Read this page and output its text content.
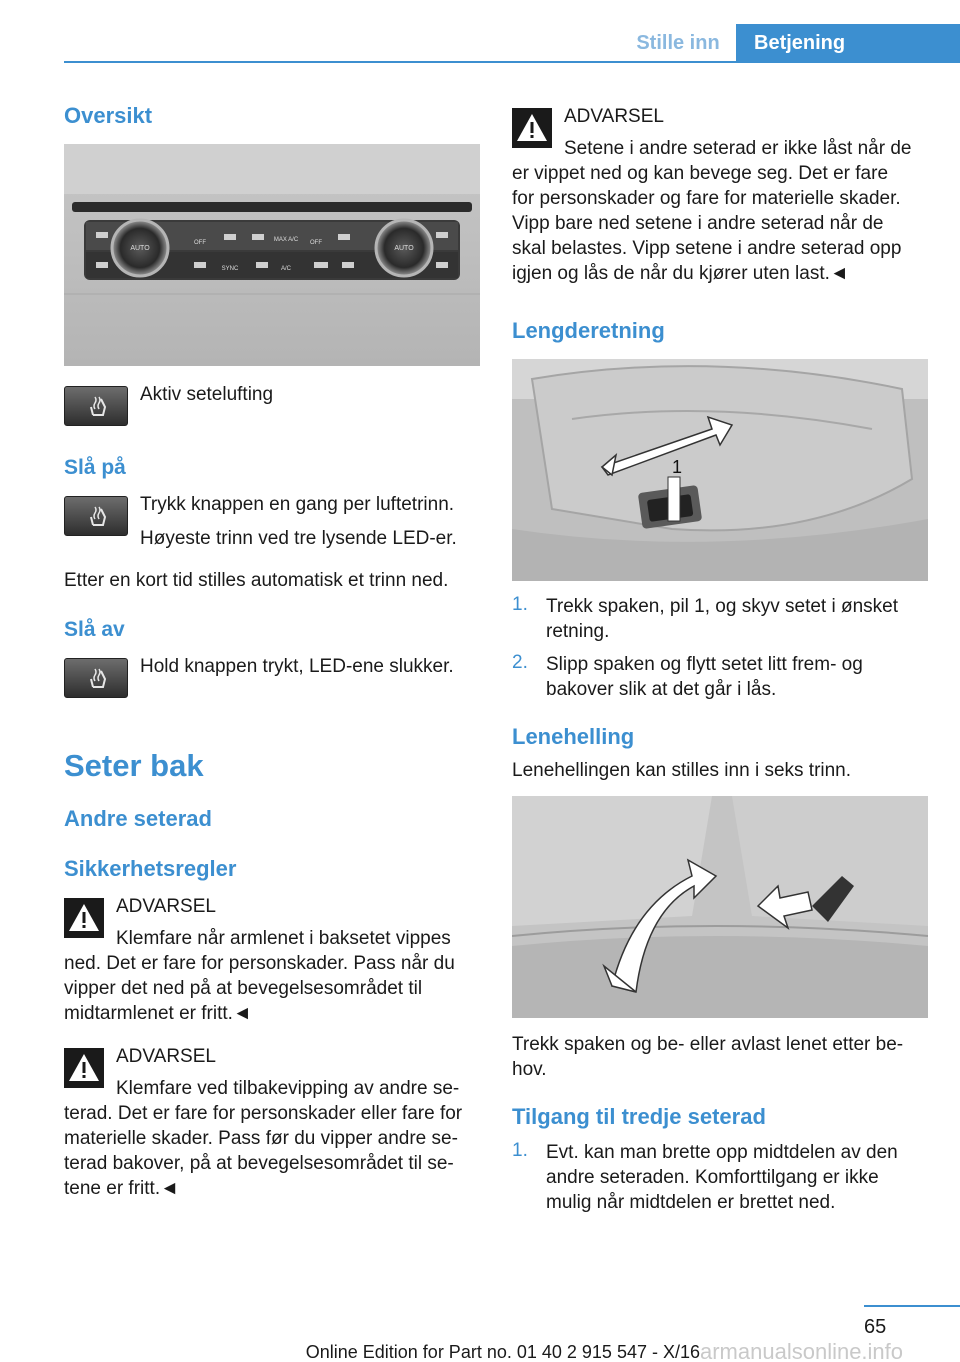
Stille inn	Betjening
Oversikt
AUTO	AUTO
OFF	MAX A/C OFF
SYNC	A/C
Aktiv setelufting
Slå på
Trykk knappen en gang per luftetrinn.
Høyeste trinn ved tre lysende LED-er.
Etter en kort tid stilles automatisk et trinn ned.
Slå av
Hold knappen trykt, LED-ene slukker.
Seter bak
Andre seterad
Sikkerhetsregler
ADVARSEL
Klemfare når armlenet i baksetet vippes
ned. Det er fare for personskader. Pass når du
vipper det ned på at bevegelsesområdet til
midtarmlenet er fritt.◄
ADVARSEL
Klemfare ved tilbakevipping av andre se-
terad. Det er fare for personskader eller fare for
materielle skader. Pass før du vipper andre se-
terad bakover, på at bevegelsesområdet til se-
tene er fritt.◄
ADVARSEL
Setene i andre seterad er ikke låst når de
er vippet ned og kan bevege seg. Det er fare
for personskader og fare for materielle skader.
Vipp bare ned setene i andre seterad når de
skal belastes. Vipp setene i andre seterad opp
igjen og lås de når du kjører uten last.◄
Lengderetning
1
1. Trekk spaken, pil 1, og skyv setet i ønsket
retning.
2. Slipp spaken og flytt setet litt frem- og
bakover slik at det går i lås.
Lenehelling
Lenehellingen kan stilles inn i seks trinn.
Trekk spaken og be- eller avlast lenet etter be-
hov.
Tilgang til tredje seterad
1. Evt. kan man brette opp midtdelen av den
andre seteraden. Komforttilgang er ikke
mulig når midtdelen er brettet ned.
65
Online Edition for Part no. 01 40 2 915 547 - X/16 armanualsonline.info
